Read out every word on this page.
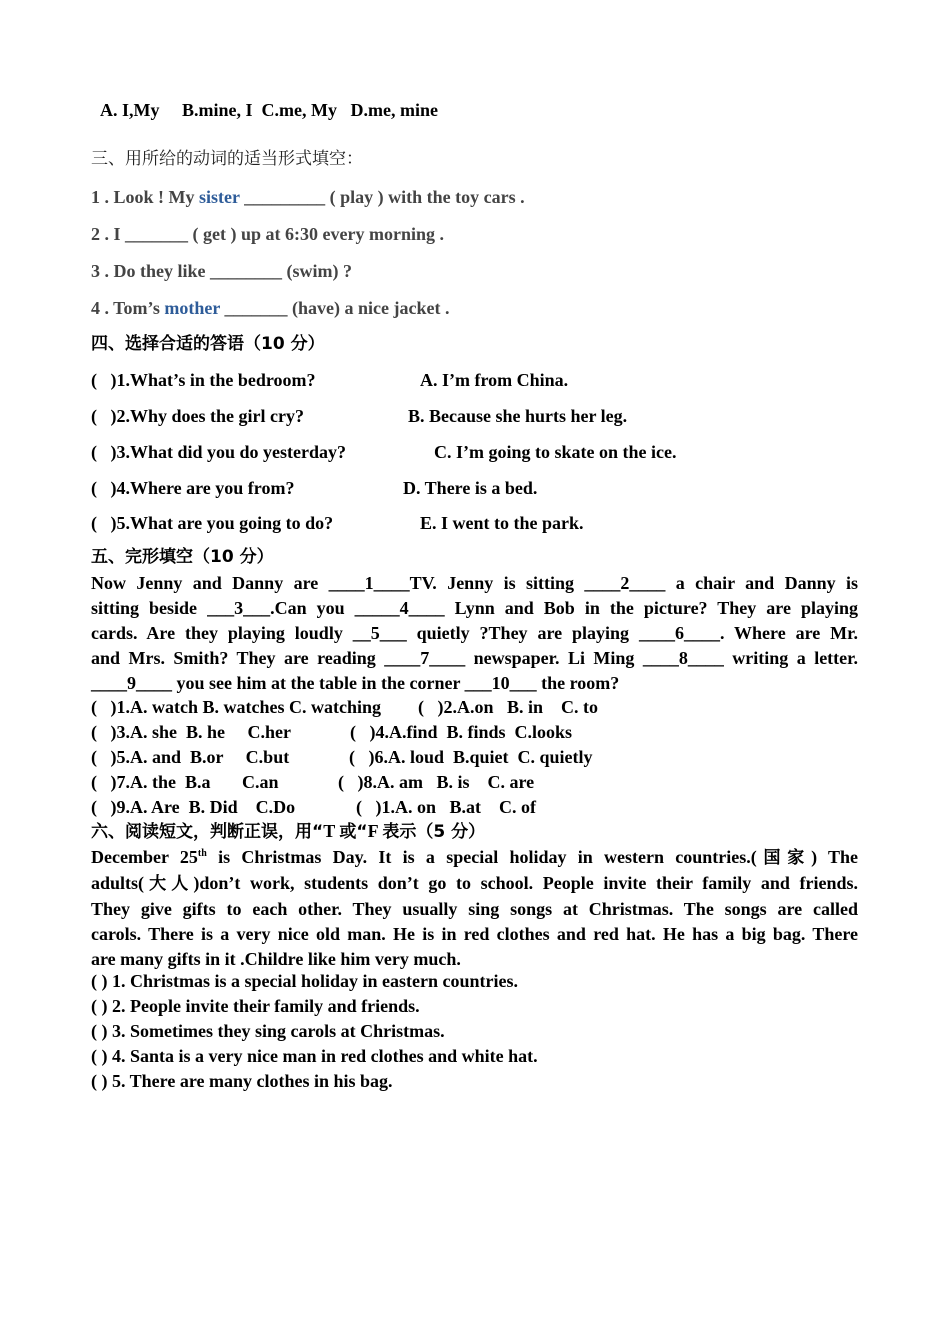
A. I,My     B.mine, I  C.me, My   D.me, mine
三、用所给的动词的适当形式填空：
1 . Look ! My sister _________ ( play ) with the toy cars .
2 . I _______ ( get ) up at 6:30 every morning .
3 . Do they like ________ (swim) ?
4 . Tom’s mother _______ (have) a nice jacket .
四、选择合适的答语（10 分）
(   )1.What’s in the bedroom?	A. I’m from China.
(   )2.Why does the girl cry?	B. Because she hurts her leg.
(   )3.What did you do yesterday?	C. I’m going to skate on the ice.
(   )4.Where are you from?	D. There is a bed.
(   )5.What are you going to do?	E. I went to the park.
五、完形填空（10 分）
Now Jenny and Danny are ____1____TV. Jenny is sitting ____2____ a chair and Danny is
sitting beside ___3___.Can you _____4____ Lynn and Bob in the picture? They are playing
cards. Are they playing loudly __5___ quietly ?They are playing ____6____. Where are Mr.
and Mrs. Smith? They are reading ____7____ newspaper. Li Ming ____8____ writing a letter.
____9____ you see him at the table in the corner ___10___ the room?
(   )1.A. watch B. watches C. watching (   )2.A.on   B. in    C. to
(   )3.A. she  B. he     C.her	(   )4.A.find  B. finds  C.looks
(   )5.A. and  B.or     C.but	(   )6.A. loud  B.quiet  C. quietly
(   )7.A. the  B.a       C.an	(   )8.A. am   B. is    C. are
(   )9.A. Are  B. Did    C.Do	(   )1.A. on   B.at    C. of
六、阅读短文，判断正误，用“T 或“F 表示（5 分）
December 25th is Christmas Day. It is a special holiday in western countries.(国家) The
adults(大人)don’t work, students don’t go to school. People invite their family and friends.
They give gifts to each other. They usually sing songs at Christmas. The songs are called
carols. There is a very nice old man. He is in red clothes and red hat. He has a big bag. There
are many gifts in it .Childre like him very much.
( ) 1. Christmas is a special holiday in eastern countries.
( ) 2. People invite their family and friends.
( ) 3. Sometimes they sing carols at Christmas.
( ) 4. Santa is a very nice man in red clothes and white hat.
( ) 5. There are many clothes in his bag.
